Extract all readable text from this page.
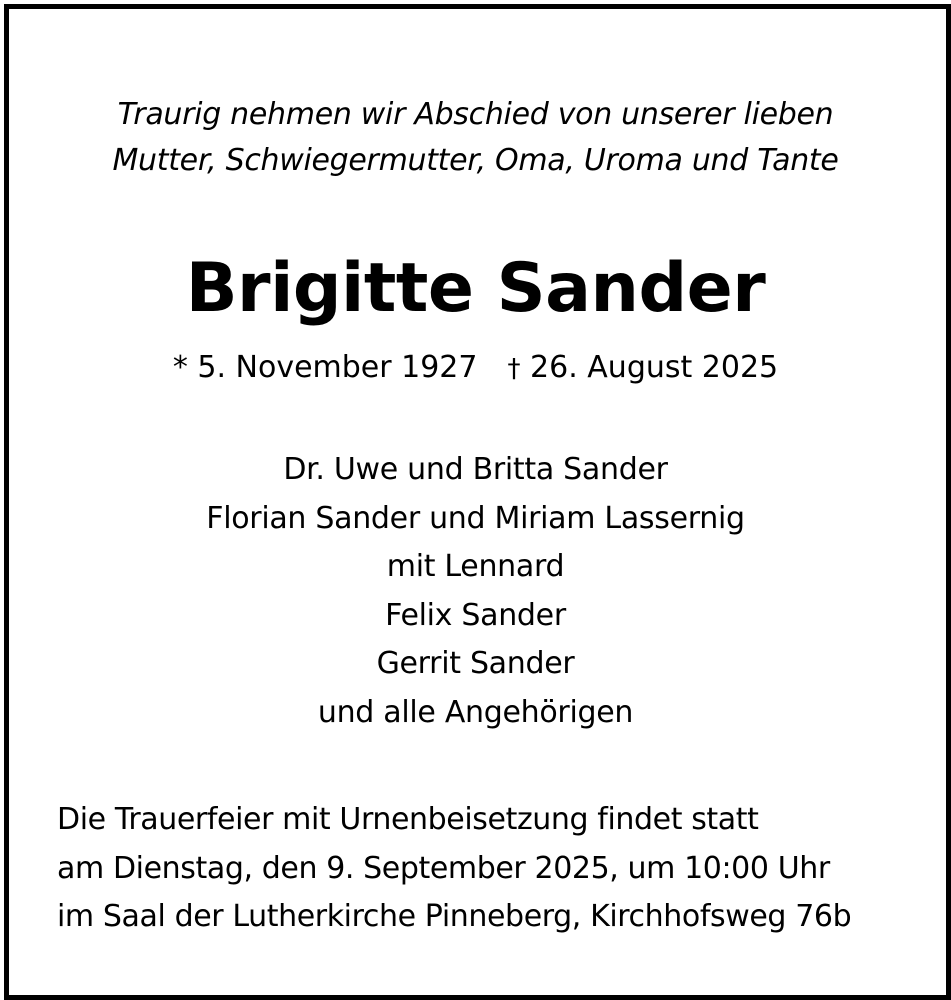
Traurig nehmen wir Abschied von unserer lieben
Mutter, Schwiegermutter, Oma, Uroma und Tante
Brigitte Sander
* 5. November 1927 † 26. August 2025
Dr. Uwe und Britta Sander
Florian Sander und Miriam Lassernig
mit Lennard
Felix Sander
Gerrit Sander
und alle Angehörigen
Die Trauerfeier mit Urnenbeisetzung findet statt
am Dienstag, den 9. September 2025, um 10:00 Uhr
im Saal der Lutherkirche Pinneberg, Kirchhofsweg 76b
